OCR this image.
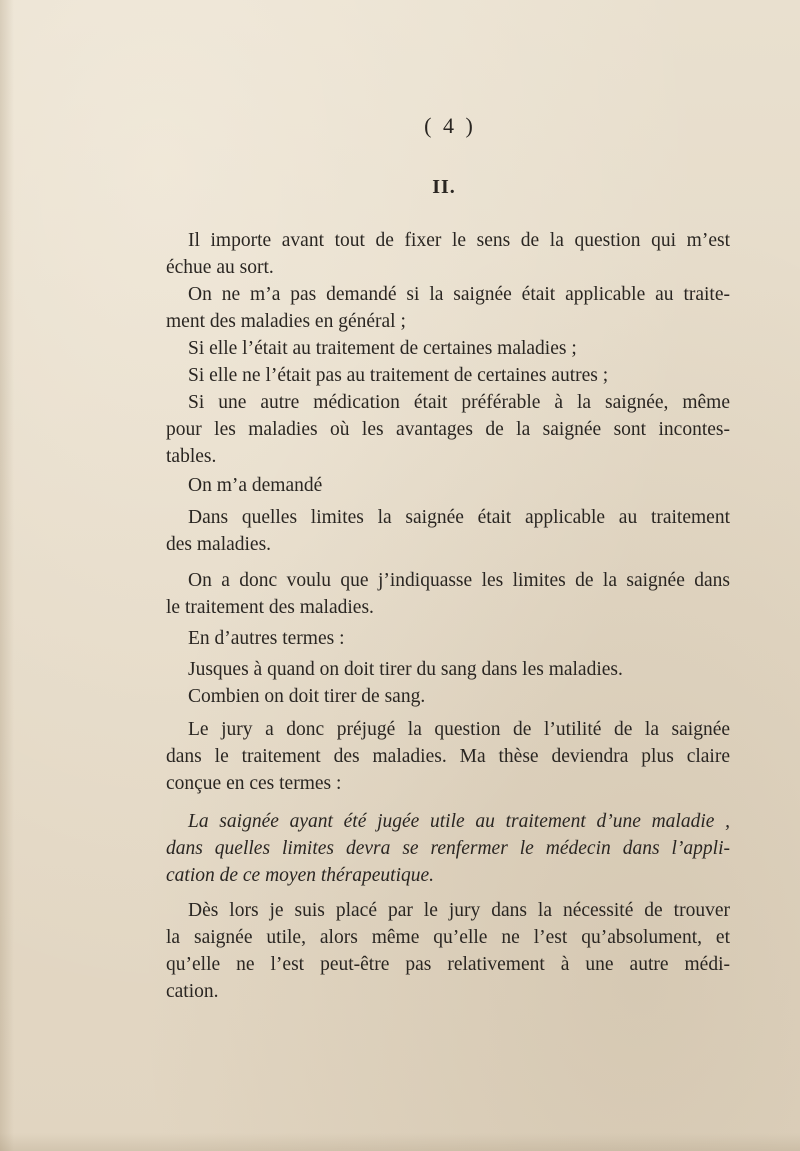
( 4 )
II.
Il importe avant tout de fixer le sens de la question qui m’est
échue au sort.
On ne m’a pas demandé si la saignée était applicable au traite-
ment des maladies en général ;
Si elle l’était au traitement de certaines maladies ;
Si elle ne l’était pas au traitement de certaines autres ;
Si une autre médication était préférable à la saignée, même
pour les maladies où les avantages de la saignée sont incontes-
tables.
On m’a demandé
Dans quelles limites la saignée était applicable au traitement
des maladies.
On a donc voulu que j’indiquasse les limites de la saignée dans
le traitement des maladies.
En d’autres termes :
Jusques à quand on doit tirer du sang dans les maladies.
Combien on doit tirer de sang.
Le jury a donc préjugé la question de l’utilité de la saignée
dans le traitement des maladies. Ma thèse deviendra plus claire
conçue en ces termes :
La saignée ayant été jugée utile au traitement d’une maladie ,
dans quelles limites devra se renfermer le médecin dans l’appli-
cation de ce moyen thérapeutique.
Dès lors je suis placé par le jury dans la nécessité de trouver
la saignée utile, alors même qu’elle ne l’est qu’absolument, et
qu’elle ne l’est peut-être pas relativement à une autre médi-
cation.
